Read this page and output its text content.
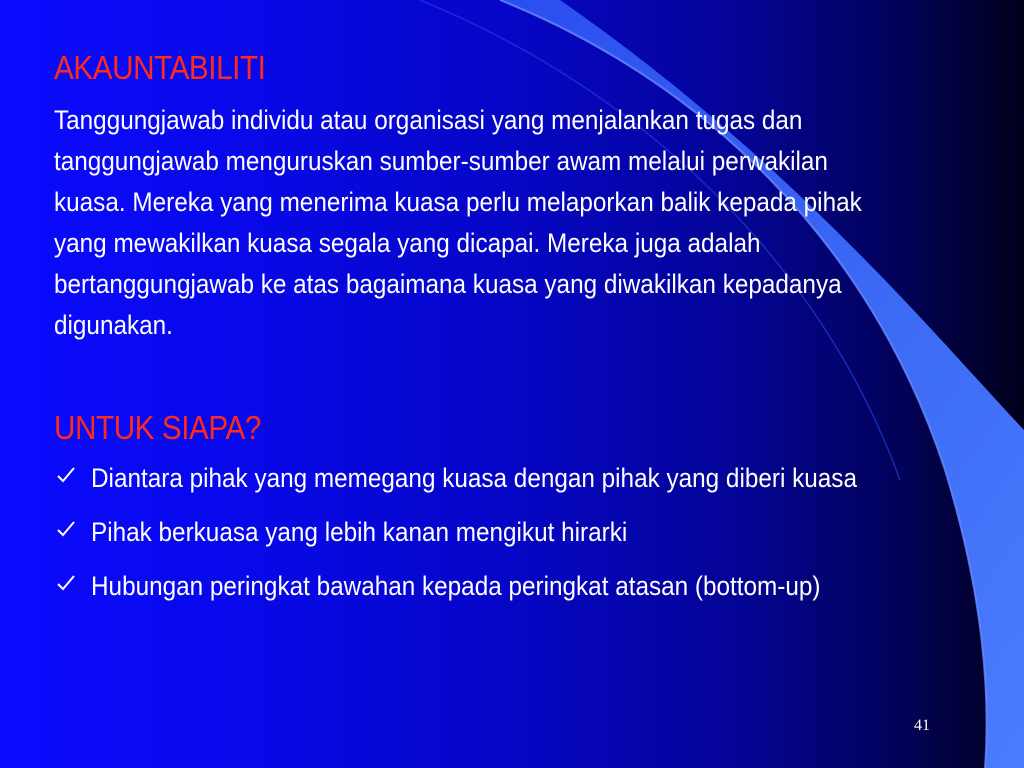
AKAUNTABILITI
Tanggungjawab individu atau organisasi yang menjalankan tugas dan
tanggungjawab menguruskan sumber-sumber awam melalui perwakilan
kuasa. Mereka yang menerima kuasa perlu melaporkan balik kepada pihak
yang mewakilkan kuasa segala yang dicapai. Mereka juga adalah
bertanggungjawab ke atas bagaimana kuasa yang diwakilkan kepadanya
digunakan.
UNTUK SIAPA?
Diantara pihak yang memegang kuasa dengan pihak yang diberi kuasa
Pihak berkuasa yang lebih kanan mengikut hirarki
Hubungan peringkat bawahan kepada peringkat atasan (bottom-up)
41
